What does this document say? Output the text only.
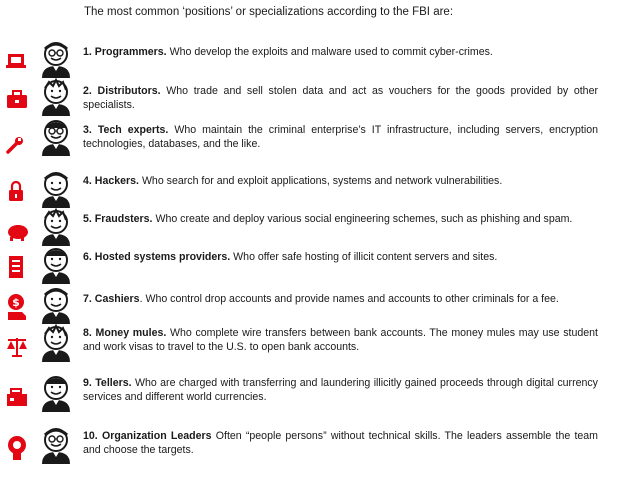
The most common ‘positions’ or specializations according to the FBI are:
1. Programmers. Who develop the exploits and malware used to commit cyber-crimes.
2. Distributors. Who trade and sell stolen data and act as vouchers for the goods provided by other specialists.
3. Tech experts. Who maintain the criminal enterprise’s IT infrastructure, including servers, encryption technologies, databases, and the like.
4. Hackers. Who search for and exploit applications, systems and network vulnerabilities.
5. Fraudsters. Who create and deploy various social engineering schemes, such as phishing and spam.
6. Hosted systems providers. Who offer safe hosting of illicit content servers and sites.
$	7. Cashiers. Who control drop accounts and provide names and accounts to other criminals for a fee.
8. Money mules. Who complete wire transfers between bank accounts. The money mules may use student and work visas to travel to the U.S. to open bank accounts.
9. Tellers. Who are charged with transferring and laundering illicitly gained proceeds through digital currency services and different world currencies.
10. Organization Leaders Often “people persons” without technical skills. The leaders assemble the team and choose the targets.
